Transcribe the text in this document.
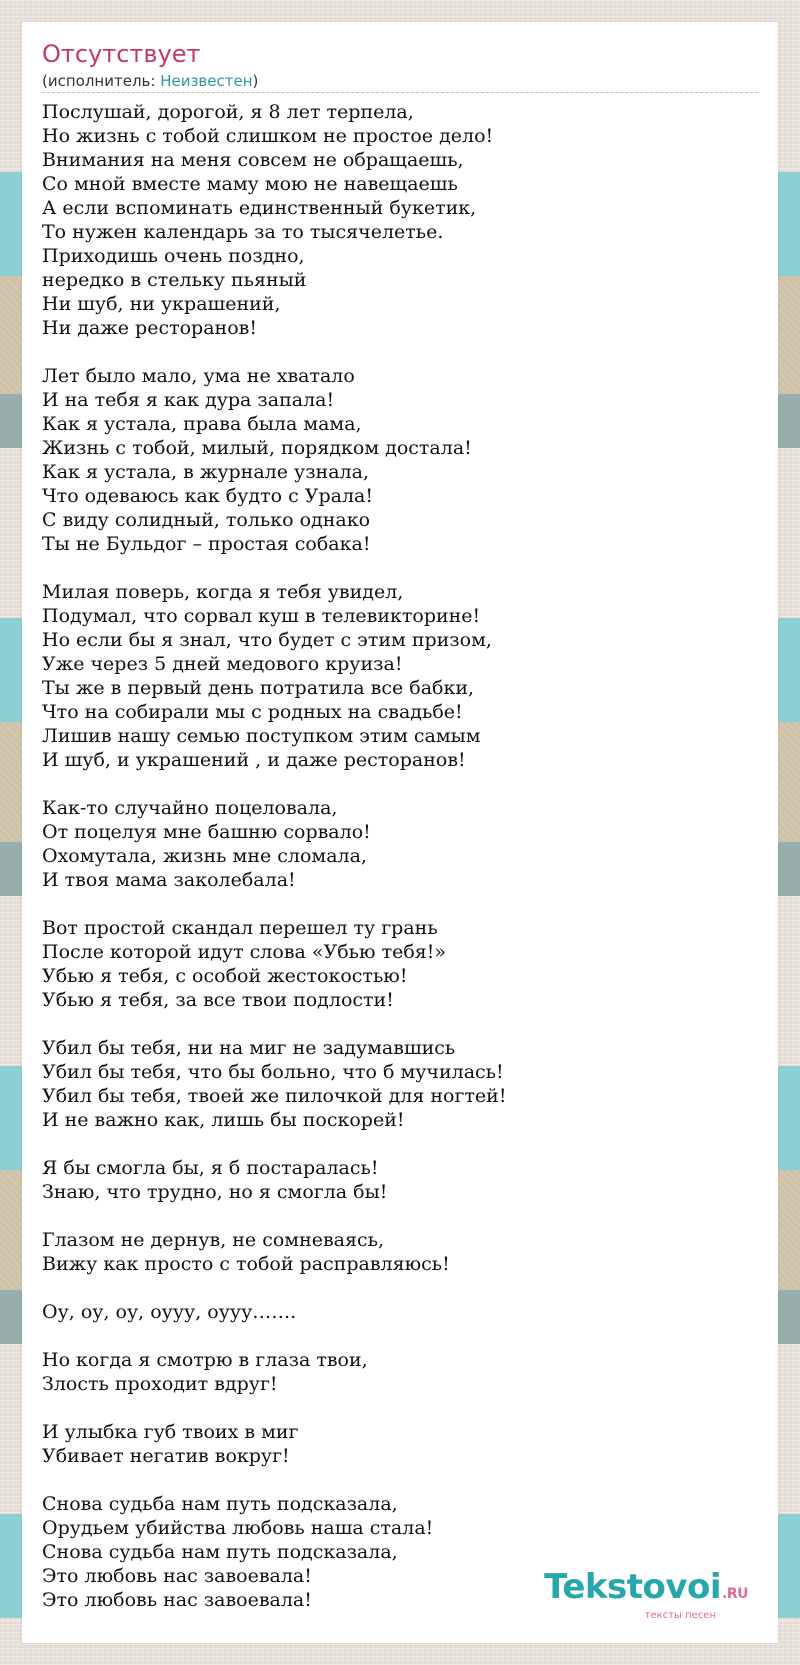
Отсутствует
(исполнитель: Неизвестен)
Послушай, дорогой, я 8 лет терпела,
Но жизнь с тобой слишком не простое дело!
Внимания на меня совсем не обращаешь,
Со мной вместе маму мою не навещаешь
А если вспоминать единственный букетик,
То нужен календарь за то тысячелетье.
Приходишь очень поздно,
нередко в стельку пьяный
Ни шуб, ни украшений,
Ни даже ресторанов!
Лет было мало, ума не хватало
И на тебя я как дура запала!
Как я устала, права была мама,
Жизнь с тобой, милый, порядком достала!
Как я устала, в журнале узнала,
Что одеваюсь как будто с Урала!
С виду солидный, только однако
Ты не Бульдог – простая собака!
Милая поверь, когда я тебя увидел,
Подумал, что сорвал куш в телевикторине!
Но если бы я знал, что будет с этим призом,
Уже через 5 дней медового круиза!
Ты же в первый день потратила все бабки,
Что на собирали мы с родных на свадьбе!
Лишив нашу семью поступком этим самым
И шуб, и украшений , и даже ресторанов!
Как-то случайно поцеловала,
От поцелуя мне башню сорвало!
Охомутала, жизнь мне сломала,
И твоя мама заколебала!
Вот простой скандал перешел ту грань
После которой идут слова «Убью тебя!»
Убью я тебя, с особой жестокостью!
Убью я тебя, за все твои подлости!
Убил бы тебя, ни на миг не задумавшись
Убил бы тебя, что бы больно, что б мучилась!
Убил бы тебя, твоей же пилочкой для ногтей!
И не важно как, лишь бы поскорей!
Я бы смогла бы, я б постаралась!
Знаю, что трудно, но я смогла бы!
Глазом не дернув, не сомневаясь,
Вижу как просто с тобой расправляюсь!
Оу, оу, оу, оууу, оууу…….
Но когда я смотрю в глаза твои,
Злость проходит вдруг!
И улыбка губ твоих в миг
Убивает негатив вокруг!
Снова судьба нам путь подсказала,
Орудьем убийства любовь наша стала!
Снова судьба нам путь подсказала,
Это любовь нас завоевала!
Это любовь нас завоевала!	Tekstovoi.RU
тексты песен
